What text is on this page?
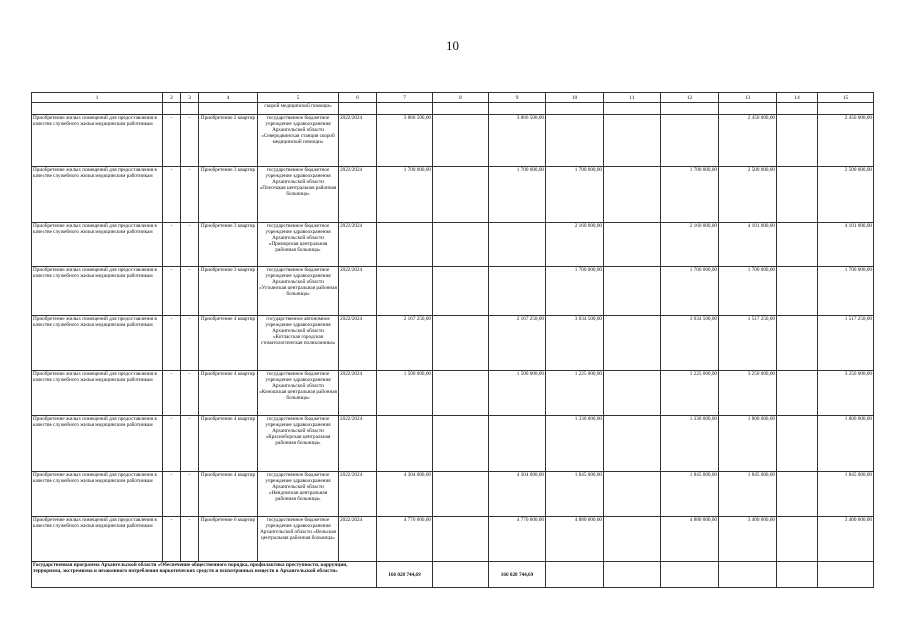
10
1	2	3	4	5	6	7	8	9	10	11	12	13	14	15
				скорой медицинской помощи»										
Приобретение жилых помещений для предоставления в качестве служебного жилья медицинским работникам	-	-	Приобретение 2 квартир	государственное бюджетное учреждение здравоохранения Архангельской области «Северодвинская станция скорой медицинской помощи»	2022/2024	3 866 500,00		3 866 500,00				2 450 000,00		2 450 000,00
Приобретение жилых помещений для предоставления в качестве служебного жилья медицинским работникам	-	-	Приобретение 3 квартир	государственное бюджетное учреждение здравоохранения Архангельской области «Плесецкая центральная районная больница»	2022/2024	1 700 000,00		1 700 000,00	1 700 000,00		1 700 000,00	2 500 000,00		2 500 000,00
Приобретение жилых помещений для предоставления в качестве служебного жилья медицинским работникам	-	-	Приобретение 3 квартир	государственное бюджетное учреждение здравоохранения Архангельской области «Приморская центральная районная больница»	2022/2024				2 160 000,00		2 160 000,00	4 101 000,00		4 101 000,00
Приобретение жилых помещений для предоставления в качестве служебного жилья медицинским работникам	-	-	Приобретение 3 квартир	государственное бюджетное учреждение здравоохранения Архангельской области «Устьянская центральная районная больница»	2022/2024				1 700 000,00		1 700 000,00	1 700 000,00		1 700 000,00
Приобретение жилых помещений для предоставления в качестве служебного жилья медицинским работникам	-	-	Приобретение 4 квартир	государственное автономное учреждение здравоохранения Архангельской области «Котласская городская стоматологическая поликлиника»	2022/2024	2 167 250,00		2 167 250,00	3 034 500,00		3 034 500,00	1 517 250,00		1 517 250,00
Приобретение жилых помещений для предоставления в качестве служебного жилья медицинским работникам	-	-	Приобретение 4 квартир	государственное бюджетное учреждение здравоохранения Архангельской области «Коношская центральная районная больница»	2022/2024	1 500 000,00		1 500 000,00	1 225 000,00		1 225 000,00	3 250 000,00		3 250 000,00
Приобретение жилых помещений для предоставления в качестве служебного жилья медицинским работникам	-	-	Приобретение 4 квартир	государственное бюджетное учреждение здравоохранения Архангельской области «Красноборская центральная районная больница»	2022/2024				1 330 000,00		1 330 000,00	1 800 000,00		1 800 000,00
Приобретение жилых помещений для предоставления в качестве служебного жилья медицинским работникам	-	-	Приобретение 4 квартир	государственное бюджетное учреждение здравоохранения Архангельской области «Няндомская центральная районная больница»	2022/2024	4 304 000,00		4 304 000,00	1 845 000,00		1 845 000,00	1 845 000,00		1 845 000,00
Приобретение жилых помещений для предоставления в качестве служебного жилья медицинским работникам	-	-	Приобретение 6 квартир	государственное бюджетное учреждение здравоохранения Архангельской области «Вельская центральная районная больница»	2022/2024	4 770 000,00		4 770 000,00	4 880 000,00		4 880 000,00	3 400 000,00		3 400 000,00
Государственная программа Архангельской области «Обеспечение общественного порядка, профилактика преступности, коррупции, терроризма, экстремизма и незаконного потребления наркотических средств и психотропных веществ в Архангельской области»						166 028 744,69		166 028 744,69						
